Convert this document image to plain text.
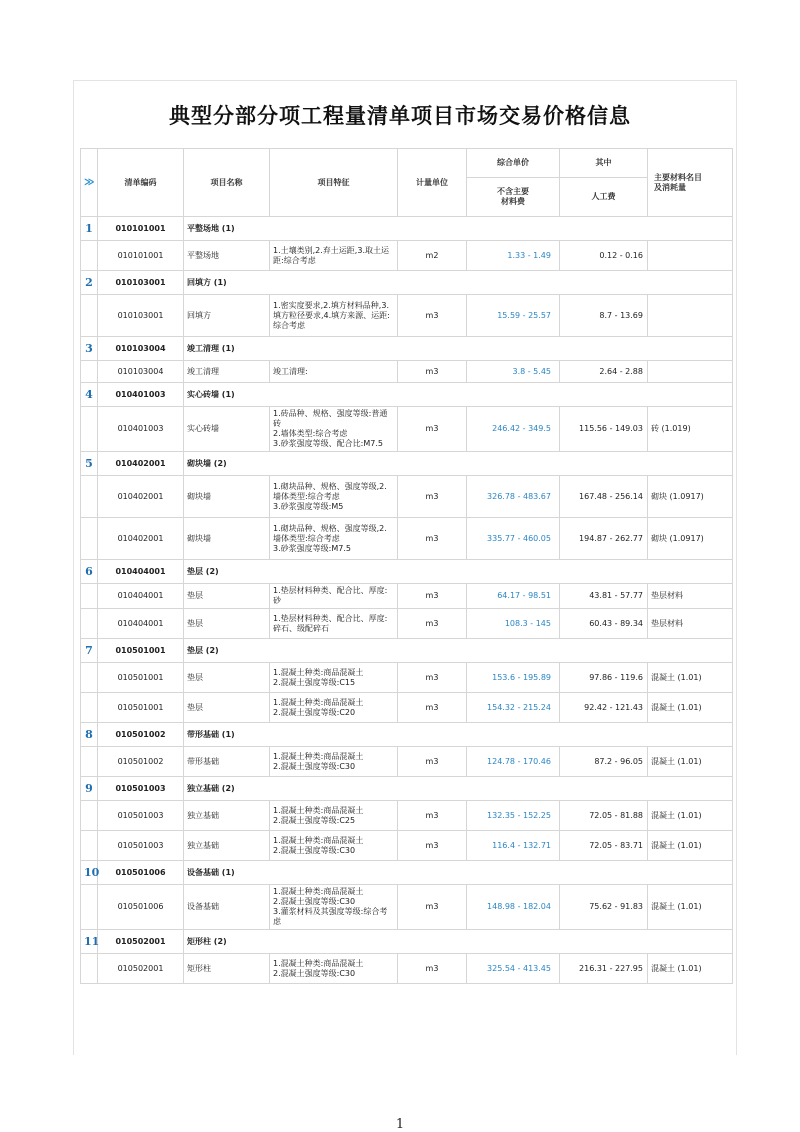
典型分部分项工程量清单项目市场交易价格信息
≫	清单编码	项目名称	项目特征	计量单位	综合单价	其中	主要材料名目
及消耗量
					不含主要
材料费	人工费	
1	010101001	平整场地 (1)					
	010101001	平整场地	1.土壤类别,2.弃土运距,3.取土运距:综合考虑	m2	1.33 - 1.49	0.12 - 0.16	
2	010103001	回填方 (1)					
	010103001	回填方	1.密实度要求,2.填方材料品种,3.填方粒径要求,4.填方来源、运距:综合考虑	m3	15.59 - 25.57	8.7 - 13.69	
3	010103004	竣工清理 (1)					
	010103004	竣工清理	竣工清理:	m3	3.8 - 5.45	2.64 - 2.88	
4	010401003	实心砖墙 (1)					
	010401003	实心砖墙	1.砖品种、规格、强度等级:普通砖
2.墙体类型:综合考虑
3.砂浆强度等级、配合比:M7.5	m3	246.42 - 349.5	115.56 - 149.03	砖 (1.019)
5	010402001	砌块墙 (2)					
	010402001	砌块墙	1.砌块品种、规格、强度等级,2.墙体类型:综合考虑
3.砂浆强度等级:M5	m3	326.78 - 483.67	167.48 - 256.14	砌块 (1.0917)
	010402001	砌块墙	1.砌块品种、规格、强度等级,2.墙体类型:综合考虑
3.砂浆强度等级:M7.5	m3	335.77 - 460.05	194.87 - 262.77	砌块 (1.0917)
6	010404001	垫层 (2)					
	010404001	垫层	1.垫层材料种类、配合比、厚度:砂	m3	64.17 - 98.51	43.81 - 57.77	垫层材料
	010404001	垫层	1.垫层材料种类、配合比、厚度:碎石、级配碎石	m3	108.3 - 145	60.43 - 89.34	垫层材料
7	010501001	垫层 (2)					
	010501001	垫层	1.混凝土种类:商品混凝土
2.混凝土强度等级:C15	m3	153.6 - 195.89	97.86 - 119.6	混凝土 (1.01)
	010501001	垫层	1.混凝土种类:商品混凝土
2.混凝土强度等级:C20	m3	154.32 - 215.24	92.42 - 121.43	混凝土 (1.01)
8	010501002	带形基础 (1)					
	010501002	带形基础	1.混凝土种类:商品混凝土
2.混凝土强度等级:C30	m3	124.78 - 170.46	87.2 - 96.05	混凝土 (1.01)
9	010501003	独立基础 (2)					
	010501003	独立基础	1.混凝土种类:商品混凝土
2.混凝土强度等级:C25	m3	132.35 - 152.25	72.05 - 81.88	混凝土 (1.01)
	010501003	独立基础	1.混凝土种类:商品混凝土
2.混凝土强度等级:C30	m3	116.4 - 132.71	72.05 - 83.71	混凝土 (1.01)
10	010501006	设备基础 (1)					
	010501006	设备基础	1.混凝土种类:商品混凝土
2.混凝土强度等级:C30
3.灌浆材料及其强度等级:综合考虑	m3	148.98 - 182.04	75.62 - 91.83	混凝土 (1.01)
11	010502001	矩形柱 (2)					
	010502001	矩形柱	1.混凝土种类:商品混凝土
2.混凝土强度等级:C30	m3	325.54 - 413.45	216.31 - 227.95	混凝土 (1.01)
1
